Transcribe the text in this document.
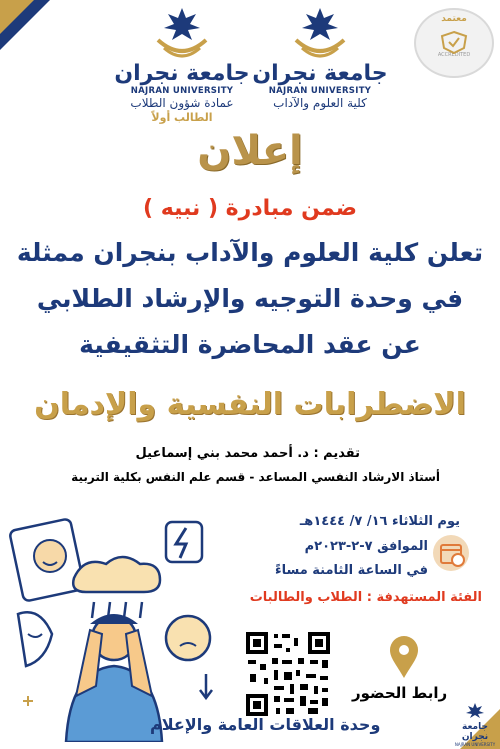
معتمد
ACCREDITED
جامعة نجران
NAJRAN UNIVERSITY
كلية العلوم والآداب
جامعة نجران
NAJRAN UNIVERSITY
عمادة شؤون الطلاب
الطالب أولاً
إعلان
ضمن مبادرة ( نبيه )
تعلن كلية العلوم والآداب بنجران ممثلة
في وحدة التوجيه والإرشاد الطلابي
عن عقد المحاضرة التثقيفية
الاضطرابات النفسية والإدمان
تقديم : د. أحمد محمد بني إسماعيل
أستاذ الارشاد النفسي المساعد - قسم علم النفس بكلية التربية
يوم الثلاثاء ١٦/ ٧/ ١٤٤٤هـ
الموافق ٧-٢-٢٠٢٣م
في الساعة الثامنة مساءً
الفئة المستهدفة : الطلاب والطالبات
رابط الحضور
وحدة العلاقات العامة والإعلام	جامعة نجران
NAJRAN UNIVERSITY
